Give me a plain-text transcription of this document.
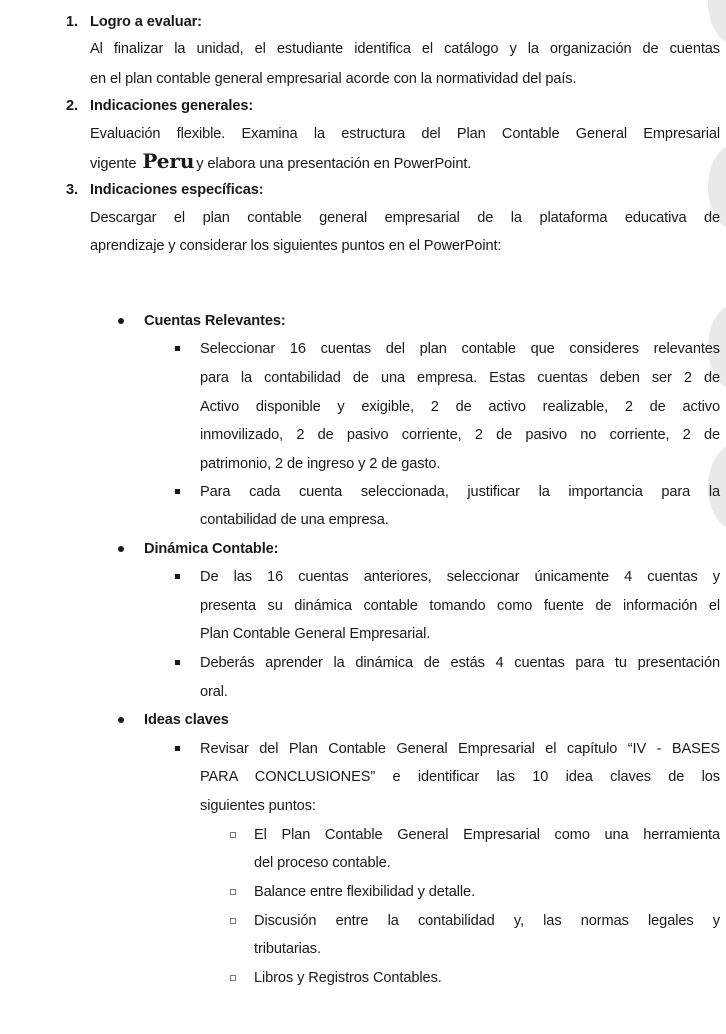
1. Logro a evaluar:
Al finalizar la unidad, el estudiante identifica el catálogo y la organización de cuentas
en el plan contable general empresarial acorde con la normatividad del país.
2. Indicaciones generales:
Evaluación flexible. Examina la estructura del Plan Contable General Empresarial
vigente Peru y elabora una presentación en PowerPoint.
3. Indicaciones específicas:
Descargar el plan contable general empresarial de la plataforma educativa de
aprendizaje y considerar los siguientes puntos en el PowerPoint:
Cuentas Relevantes:
Seleccionar 16 cuentas del plan contable que consideres relevantes
para la contabilidad de una empresa. Estas cuentas deben ser 2 de
Activo disponible y exigible, 2 de activo realizable, 2 de activo
inmovilizado, 2 de pasivo corriente, 2 de pasivo no corriente, 2 de
patrimonio, 2 de ingreso y 2 de gasto.
Para cada cuenta seleccionada, justificar la importancia para la
contabilidad de una empresa.
Dinámica Contable:
De las 16 cuentas anteriores, seleccionar únicamente 4 cuentas y
presenta su dinámica contable tomando como fuente de información el
Plan Contable General Empresarial.
Deberás aprender la dinámica de estás 4 cuentas para tu presentación
oral.
Ideas claves
Revisar del Plan Contable General Empresarial el capítulo “IV - BASES
PARA CONCLUSIONES” e identificar las 10 idea claves de los
siguientes puntos:
El Plan Contable General Empresarial como una herramienta
del proceso contable.
Balance entre flexibilidad y detalle.
Discusión entre la contabilidad y, las normas legales y
tributarias.
Libros y Registros Contables.
